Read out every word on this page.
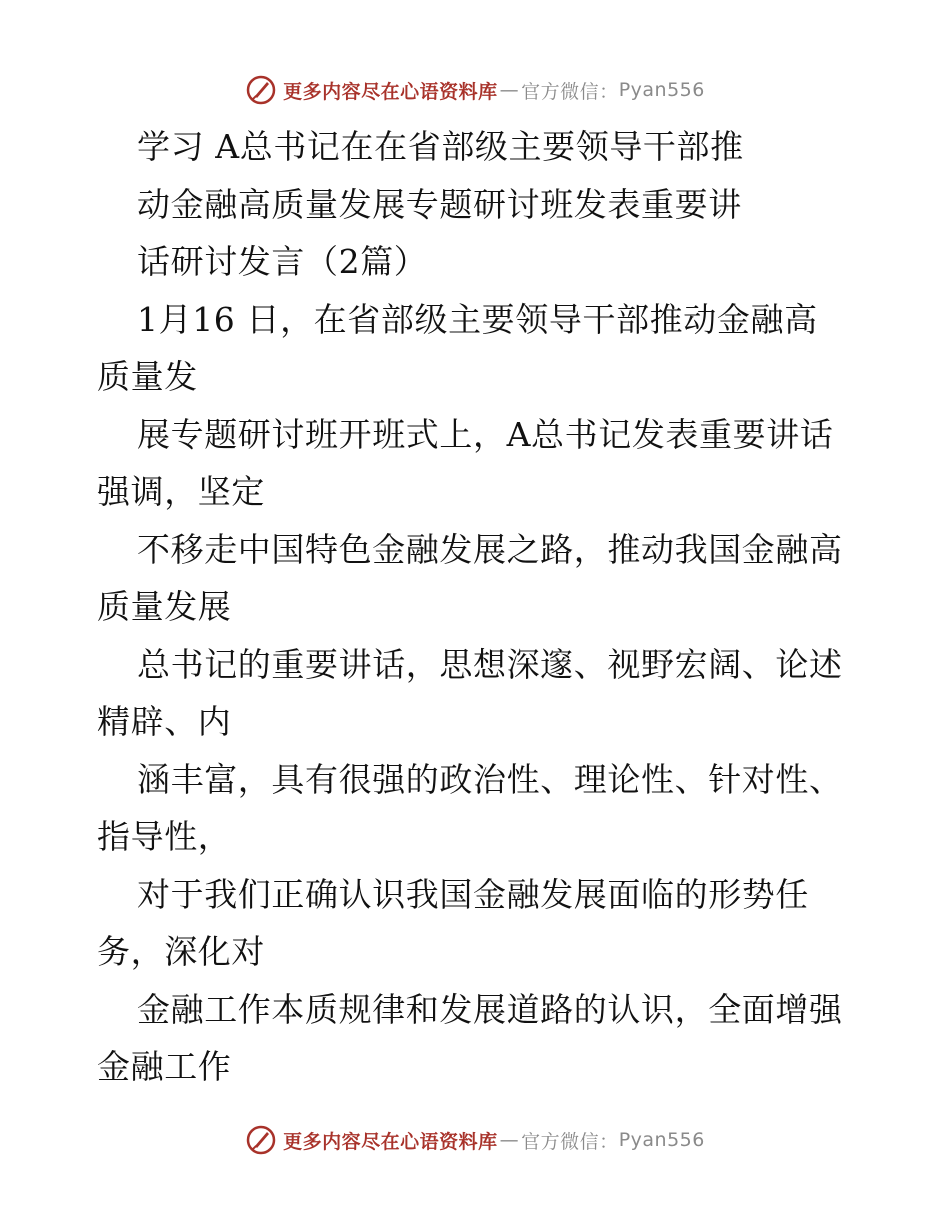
更多内容尽在心语资料库 — 官方微信： Pyan556
学习 A总书记在在省部级主要领导干部推
动金融高质量发展专题研讨班发表重要讲
话研讨发言（2篇）
1月16 日，在省部级主要领导干部推动金融高
质量发
展专题研讨班开班式上，A总书记发表重要讲话
强调，坚定
不移走中国特色金融发展之路，推动我国金融高
质量发展
总书记的重要讲话，思想深邃、视野宏阔、论述
精辟、内
涵丰富，具有很强的政治性、理论性、针对性、
指导性，
对于我们正确认识我国金融发展面临的形势任
务，深化对
金融工作本质规律和发展道路的认识，全面增强
金融工作
更多内容尽在心语资料库 — 官方微信： Pyan556
